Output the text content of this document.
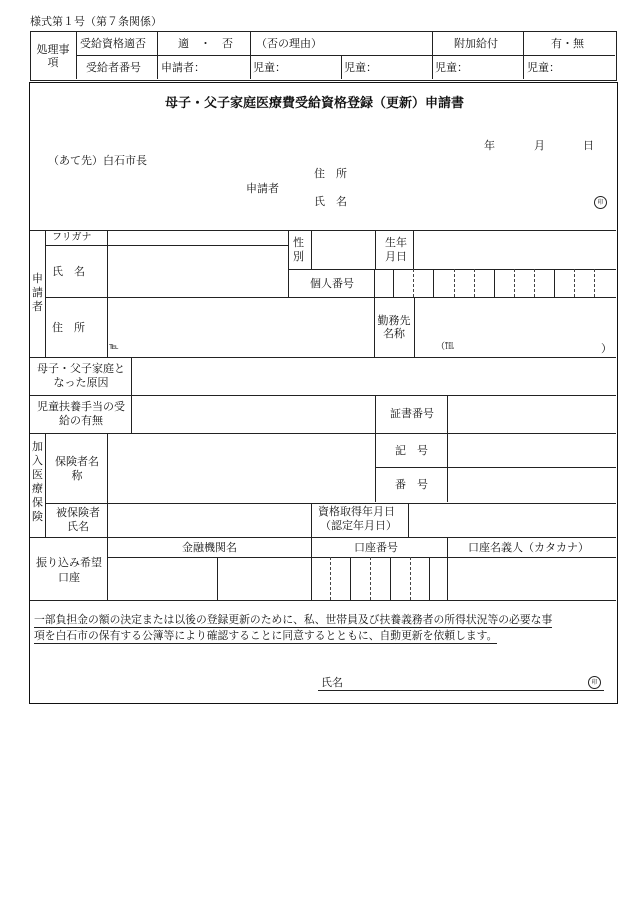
様式第１号（第７条関係）
処理事項
受給資格適否	適 ・ 否 （否の理由）	附加給付	有・無
受給者番号 申請者：	児童：	児童：	児童：	児童：
母子・父子家庭医療費受給資格登録（更新）申請書
年	月	日
（あて先）白石市長
申請者
住　所
氏　名	印
申請者
フリガナ
氏　名
性別
生年月日
個人番号
住　所
℡
勤務先名称
（℡	）
母子・父子家庭となった原因
児童扶養手当の受給の有無
証書番号
加入医療保険
保険者名称
記　号
番　号
被保険者氏名
資格取得年月日
（認定年月日）
振り込み希望口座
金融機関名	口座番号	口座名義人（カタカナ）
一部負担金の額の決定または以後の登録更新のために、私、世帯員及び扶養義務者の所得状況等の必要な事
項を白石市の保有する公簿等により確認することに同意するとともに、自動更新を依頼します。
氏名	印
